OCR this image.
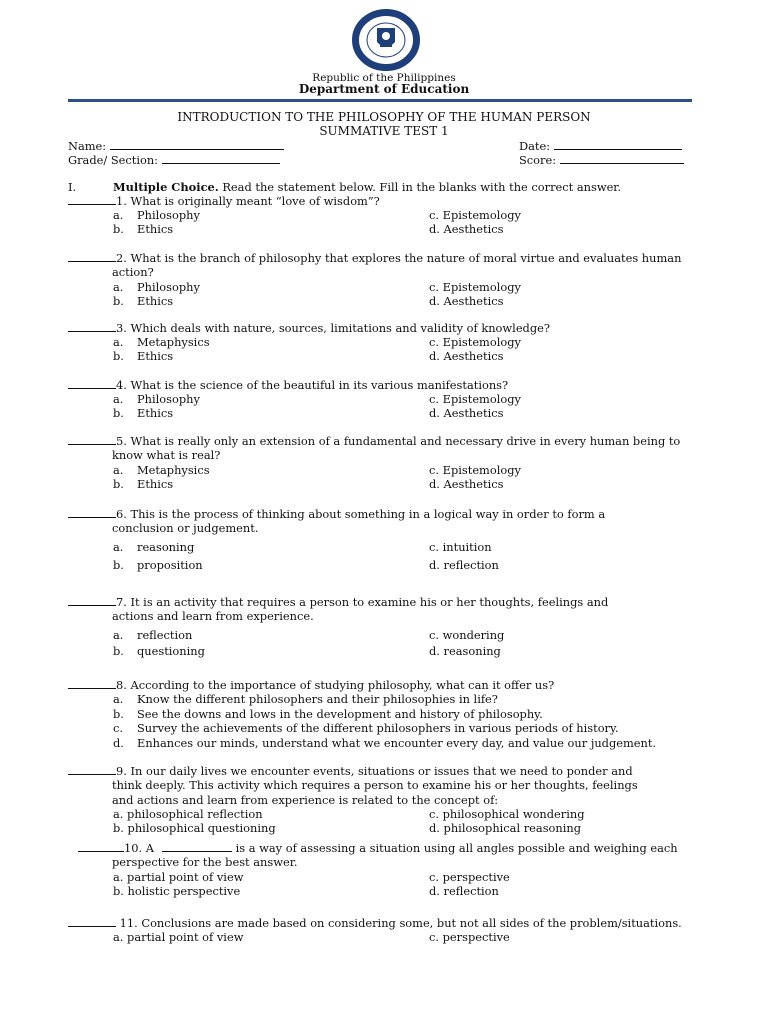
Republic of the Philippines
Department of Education
INTRODUCTION TO THE PHILOSOPHY OF THE HUMAN PERSON
SUMMATIVE TEST 1
Name:	Date:
Grade/ Section:	Score:
I.	Multiple Choice. Read the statement below. Fill in the blanks with the correct answer.
1. What is originally meant “love of wisdom”?
a. Philosophy	c. Epistemology
b. Ethics	d. Aesthetics
2. What is the branch of philosophy that explores the nature of moral virtue and evaluates human
action?
a. Philosophy	c. Epistemology
b. Ethics	d. Aesthetics
3. Which deals with nature, sources, limitations and validity of knowledge?
a. Metaphysics	c. Epistemology
b. Ethics	d. Aesthetics
4. What is the science of the beautiful in its various manifestations?
a. Philosophy	c. Epistemology
b. Ethics	d. Aesthetics
5. What is really only an extension of a fundamental and necessary drive in every human being to
know what is real?
a. Metaphysics	c. Epistemology
b. Ethics	d. Aesthetics
6. This is the process of thinking about something in a logical way in order to form a
conclusion or judgement.
a. reasoning	c. intuition
b. proposition	d. reflection
7. It is an activity that requires a person to examine his or her thoughts, feelings and
actions and learn from experience.
a. reflection	c. wondering
b. questioning	d. reasoning
8. According to the importance of studying philosophy, what can it offer us?
a. Know the different philosophers and their philosophies in life?
b. See the downs and lows in the development and history of philosophy.
c. Survey the achievements of the different philosophers in various periods of history.
d. Enhances our minds, understand what we encounter every day, and value our judgement.
9. In our daily lives we encounter events, situations or issues that we need to ponder and
think deeply. This activity which requires a person to examine his or her thoughts, feelings
and actions and learn from experience is related to the concept of:
a. philosophical reflection	c. philosophical wondering
b. philosophical questioning	d. philosophical reasoning
10. A	is a way of assessing a situation using all angles possible and weighing each
perspective for the best answer.
a. partial point of view	c. perspective
b. holistic perspective	d. reflection
11. Conclusions are made based on considering some, but not all sides of the problem/situations.
a. partial point of view	c. perspective
